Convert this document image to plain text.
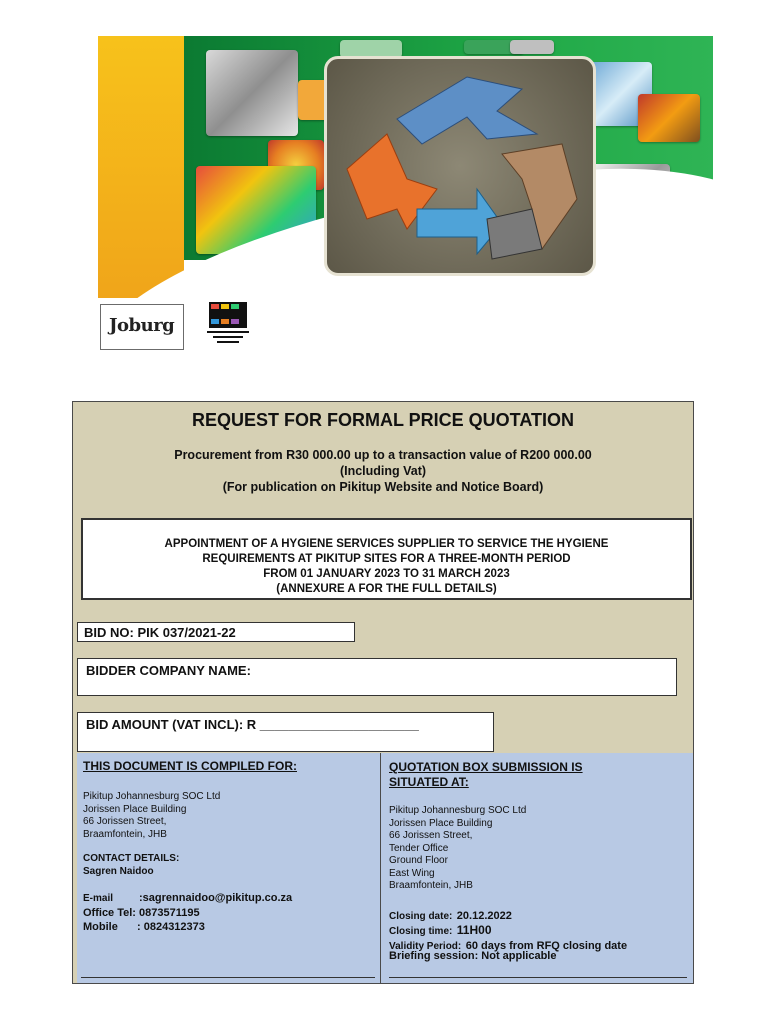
Joburg
REQUEST FOR FORMAL PRICE QUOTATION
Procurement from R30 000.00 up to a transaction value of R200 000.00
(Including Vat)
(For publication on Pikitup Website and Notice Board)
APPOINTMENT OF A HYGIENE SERVICES SUPPLIER TO SERVICE THE HYGIENE
REQUIREMENTS AT PIKITUP SITES FOR A THREE-MONTH PERIOD
FROM 01 JANUARY 2023 TO 31 MARCH 2023
(ANNEXURE A FOR THE FULL DETAILS)
BID NO: PIK 037/2021-22
BIDDER COMPANY NAME:
BID AMOUNT (VAT INCL): R ______________________
THIS DOCUMENT IS COMPILED FOR:
Pikitup Johannesburg SOC Ltd
Jorissen Place Building
66 Jorissen Street,
Braamfontein, JHB
CONTACT DETAILS:
Sagren Naidoo
E-mail :sagrennaidoo@pikitup.co.za
Office Tel: 0873571195
Mobile : 0824312373
QUOTATION BOX SUBMISSION IS
SITUATED AT:
Pikitup Johannesburg SOC Ltd
Jorissen Place Building
66 Jorissen Street,
Tender Office
Ground Floor
East Wing
Braamfontein, JHB
Closing date: 20.12.2022
Closing time: 11H00
Validity Period: 60 days from RFQ closing date
Briefing session: Not applicable
